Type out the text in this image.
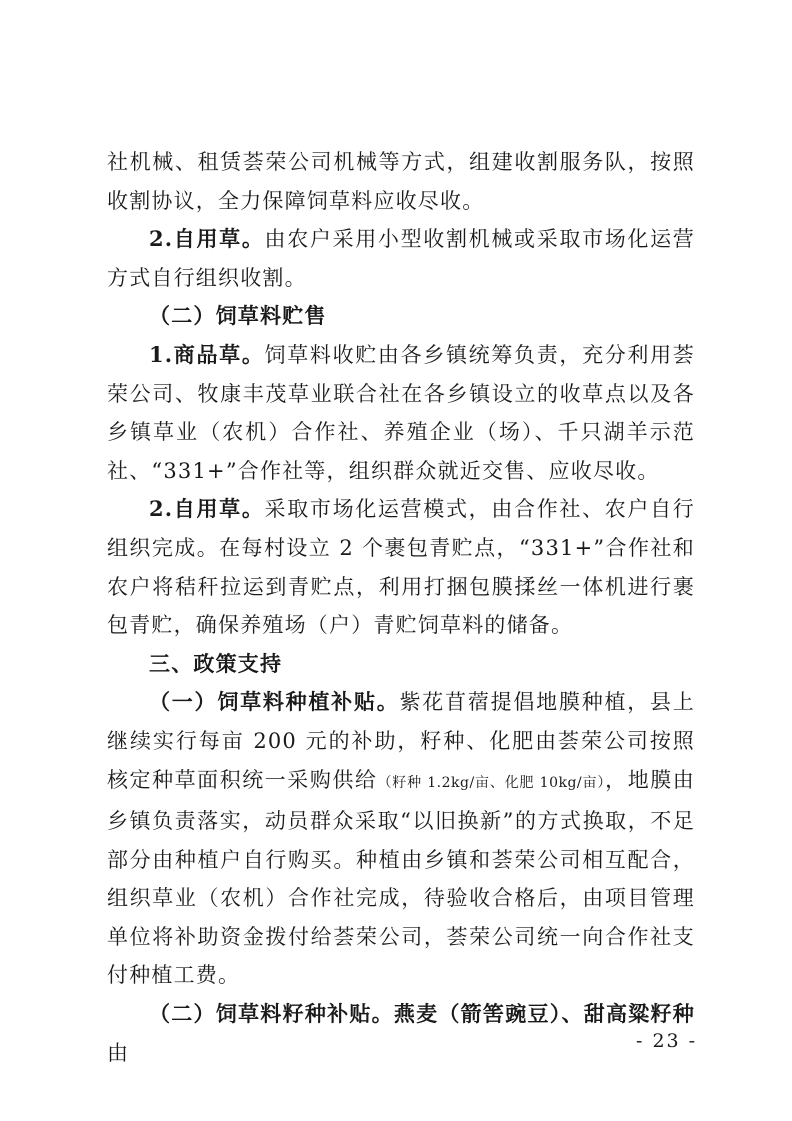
社机械、租赁荟荣公司机械等方式，组建收割服务队，按照收割协议，全力保障饲草料应收尽收。

2.自用草。由农户采用小型收割机械或采取市场化运营方式自行组织收割。

（二）饲草料贮售

1.商品草。饲草料收贮由各乡镇统筹负责，充分利用荟荣公司、牧康丰茂草业联合社在各乡镇设立的收草点以及各乡镇草业（农机）合作社、养殖企业（场）、千只湖羊示范社、“331+”合作社等，组织群众就近交售、应收尽收。

2.自用草。采取市场化运营模式，由合作社、农户自行组织完成。在每村设立 2 个裹包青贮点，“331+”合作社和农户将秸秆拉运到青贮点，利用打捆包膜揉丝一体机进行裹包青贮，确保养殖场（户）青贮饲草料的储备。

三、政策支持

（一）饲草料种植补贴。紫花苜蓿提倡地膜种植，县上继续实行每亩 200 元的补助，籽种、化肥由荟荣公司按照核定种草面积统一采购供给（籽种 1.2kg/亩、化肥 10kg/亩），地膜由乡镇负责落实，动员群众采取“以旧换新”的方式换取，不足部分由种植户自行购买。种植由乡镇和荟荣公司相互配合，组织草业（农机）合作社完成，待验收合格后，由项目管理单位将补助资金拨付给荟荣公司，荟荣公司统一向合作社支付种植工费。

（二）饲草料籽种补贴。燕麦（箭筈豌豆）、甜高粱籽种由	- 23 -
